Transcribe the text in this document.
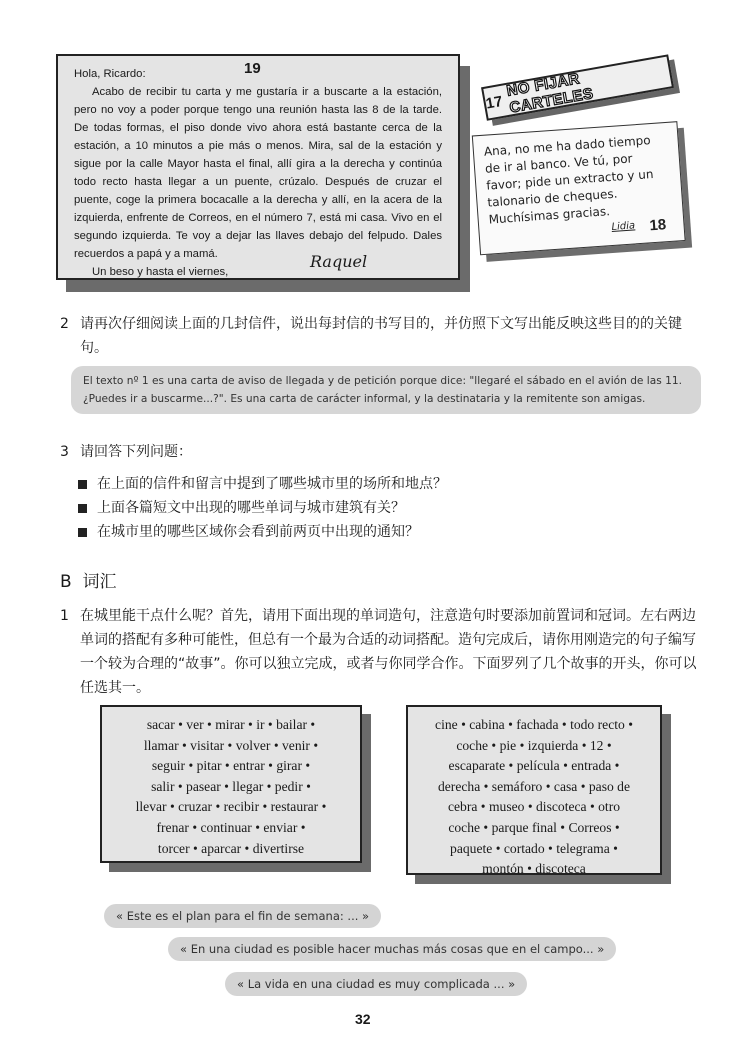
19

Hola, Ricardo:

Acabo de recibir tu carta y me gustaría ir a buscarte a la estación, pero no voy a poder porque tengo una reunión hasta las 8 de la tarde. De todas formas, el piso donde vivo ahora está bastante cerca de la estación, a 10 minutos a pie más o menos. Mira, sal de la estación y sigue por la calle Mayor hasta el final, allí gira a la derecha y continúa todo recto hasta llegar a un puente, crúzalo. Después de cruzar el puente, coge la primera bocacalle a la derecha y allí, en la acera de la izquierda, enfrente de Correos, en el número 7, está mi casa. Vivo en el segundo izquierda. Te voy a dejar las llaves debajo del felpudo. Dales recuerdos a papá y a mamá.

Un beso y hasta el viernes,

Raquel
17
NO FIJAR CARTELES
Ana, no me ha dado tiempo de ir al banco. Ve tú, por favor; pide un extracto y un talonario de cheques. Muchísimas gracias.
Lidia 18
2 请再次仔细阅读上面的几封信件，说出每封信的书写目的，并仿照下文写出能反映这些目的的关键句。
El texto nº 1 es una carta de aviso de llegada y de petición porque dice: "llegaré el sábado en el avión de las 11. ¿Puedes ir a buscarme...?". Es una carta de carácter informal, y la destinataria y la remitente son amigas.
3 请回答下列问题：
在上面的信件和留言中提到了哪些城市里的场所和地点？
上面各篇短文中出现的哪些单词与城市建筑有关？
在城市里的哪些区域你会看到前两页中出现的通知？
B 词汇
1 在城里能干点什么呢？首先，请用下面出现的单词造句，注意造句时要添加前置词和冠词。左右两边单词的搭配有多种可能性，但总有一个最为合适的动词搭配。造句完成后，请你用刚造完的句子编写一个较为合理的“故事”。你可以独立完成，或者与你同学合作。下面罗列了几个故事的开头，你可以任选其一。
sacar • ver • mirar • ir • bailar •
llamar • visitar • volver • venir •
seguir • pitar • entrar • girar •
salir • pasear • llegar • pedir •
llevar • cruzar • recibir • restaurar •
frenar • continuar • enviar •
torcer • aparcar • divertirse
cine • cabina • fachada • todo recto •
coche • pie • izquierda • 12 •
escaparate • película • entrada •
derecha • semáforo • casa • paso de
cebra • museo • discoteca • otro
coche • parque final • Correos •
paquete • cortado • telegrama •
montón • discoteca
« Este es el plan para el fin de semana: ... »
« En una ciudad es posible hacer muchas más cosas que en el campo... »
« La vida en una ciudad es muy complicada ... »
32
